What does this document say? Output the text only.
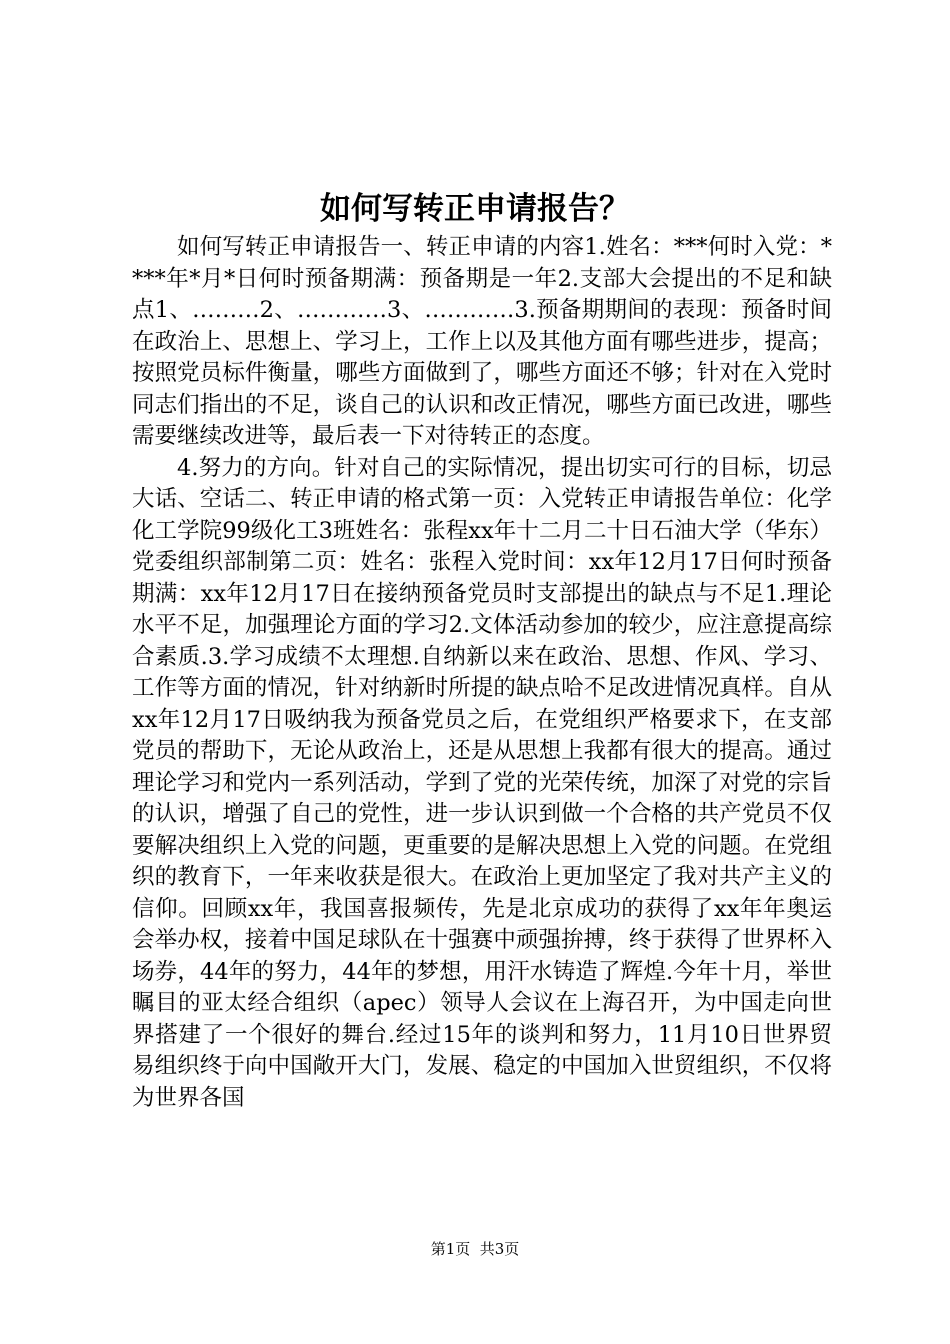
如何写转正申请报告？

如何写转正申请报告一、转正申请的内容1.姓名：***何时入党：****年*月*日何时预备期满：预备期是一年2.支部大会提出的不足和缺点1、………2、…………3、…………3.预备期期间的表现：预备时间在政治上、思想上、学习上，工作上以及其他方面有哪些进步，提高；按照党员标件衡量，哪些方面做到了，哪些方面还不够；针对在入党时同志们指出的不足，谈自己的认识和改正情况，哪些方面已改进，哪些需要继续改进等，最后表一下对待转正的态度。

4.努力的方向。针对自己的实际情况，提出切实可行的目标，切忌大话、空话二、转正申请的格式第一页：入党转正申请报告单位：化学化工学院99级化工3班姓名：张程xx年十二月二十日石油大学（华东）党委组织部制第二页：姓名：张程入党时间：xx年12月17日何时预备期满：xx年12月17日在接纳预备党员时支部提出的缺点与不足1.理论水平不足，加强理论方面的学习2.文体活动参加的较少，应注意提高综合素质.3.学习成绩不太理想.自纳新以来在政治、思想、作风、学习、工作等方面的情况，针对纳新时所提的缺点哈不足改进情况真样。自从xx年12月17日吸纳我为预备党员之后，在党组织严格要求下，在支部党员的帮助下，无论从政治上，还是从思想上我都有很大的提高。通过理论学习和党内一系列活动，学到了党的光荣传统，加深了对党的宗旨的认识，增强了自己的党性，进一步认识到做一个合格的共产党员不仅要解决组织上入党的问题，更重要的是解决思想上入党的问题。在党组织的教育下，一年来收获是很大。在政治上更加坚定了我对共产主义的信仰。回顾xx年，我国喜报频传，先是北京成功的获得了xx年年奥运会举办权，接着中国足球队在十强赛中顽强拚搏，终于获得了世界杯入场券，44年的努力，44年的梦想，用汗水铸造了辉煌.今年十月，举世瞩目的亚太经合组织（apec）领导人会议在上海召开，为中国走向世界搭建了一个很好的舞台.经过15年的谈判和努力，11月10日世界贸易组织终于向中国敞开大门，发展、稳定的中国加入世贸组织，不仅将为世界各国

第1页  共3页
